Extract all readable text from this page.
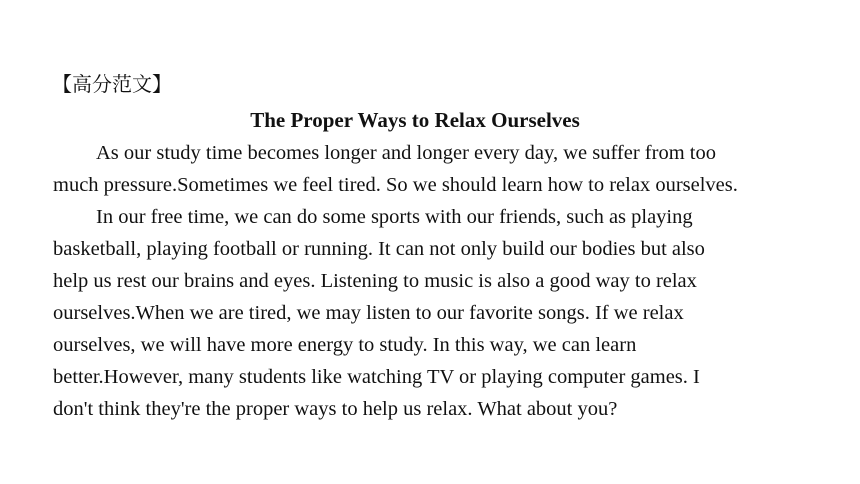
【高分范文】
The Proper Ways to Relax Ourselves
As our study time becomes longer and longer every day, we suffer from too
much pressure.Sometimes we feel tired. So we should learn how to relax ourselves.
In our free time, we can do some sports with our friends, such as playing
basketball, playing football or running. It can not only build our bodies but also
help us rest our brains and eyes. Listening to music is also a good way to relax
ourselves.When we are tired, we may listen to our favorite songs. If we relax
ourselves, we will have more energy to study. In this way, we can learn
better.However, many students like watching TV or playing computer games. I
don't think they're the proper ways to help us relax. What about you?
